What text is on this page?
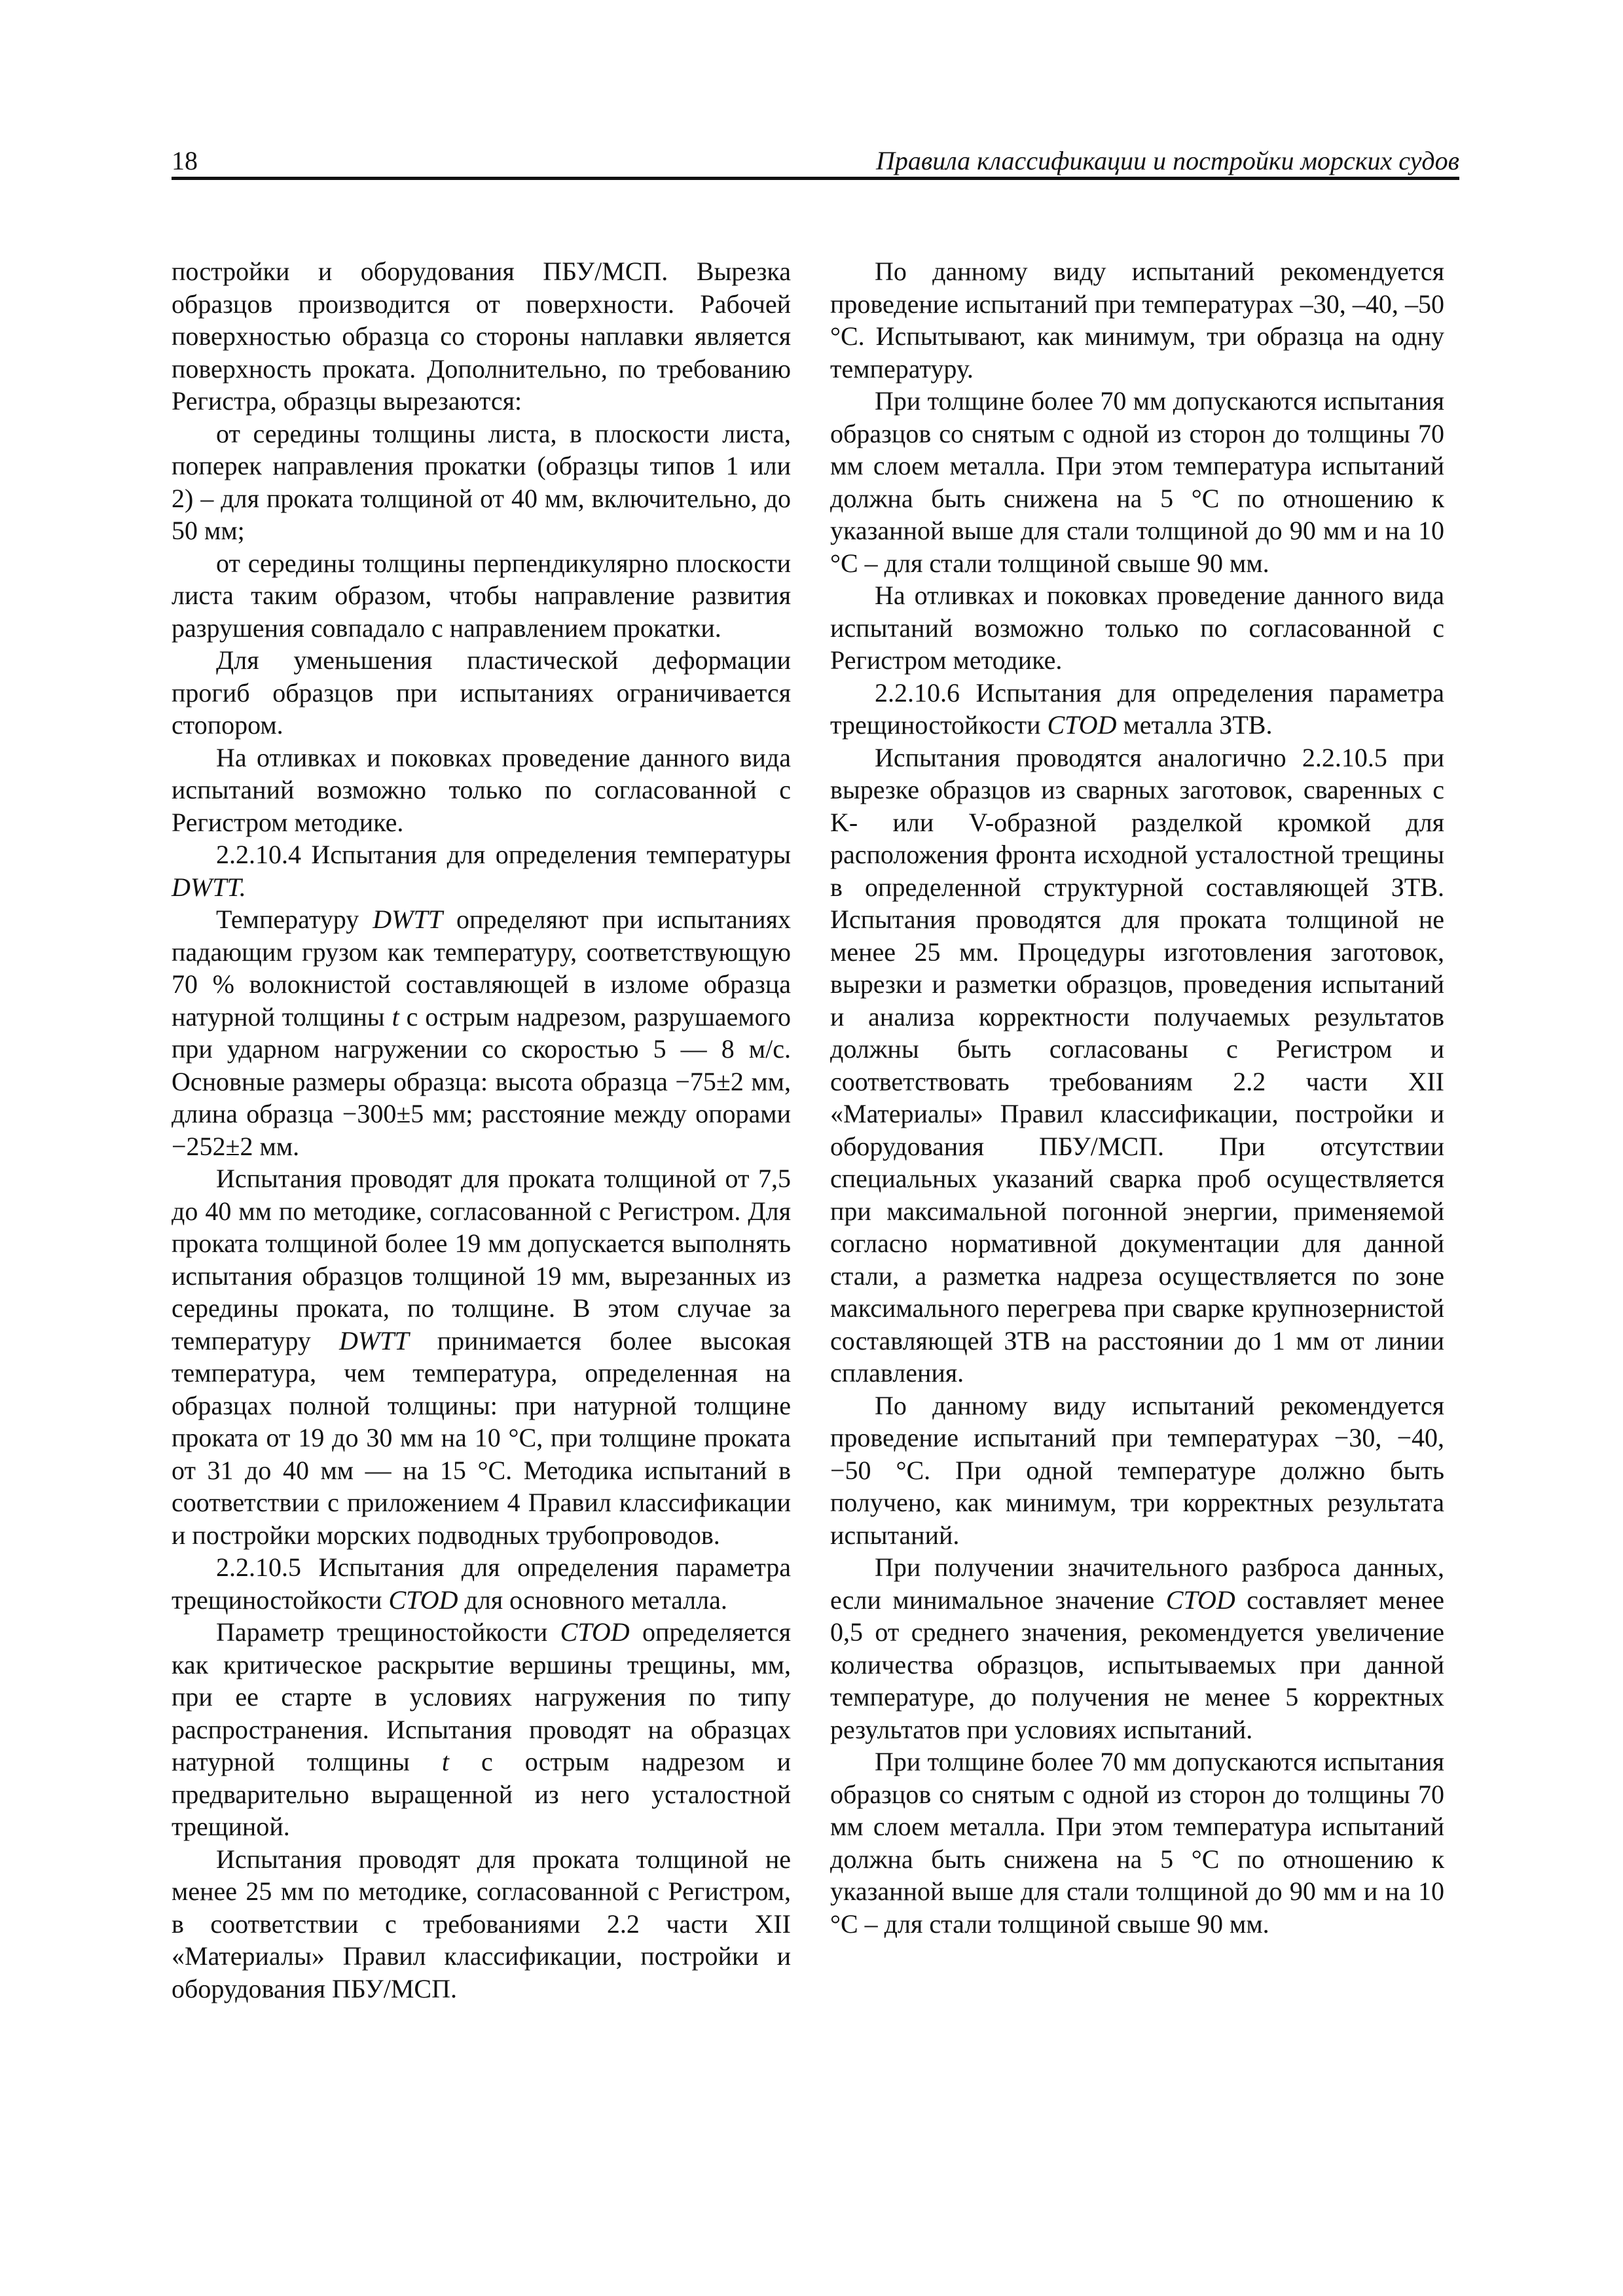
18	Правила классификации и постройки морских судов

постройки и оборудования ПБУ/МСП. Вырезка образцов производится от поверхности. Рабочей поверхностью образца со стороны наплавки является поверхность проката. Дополнительно, по требованию Регистра, образцы вырезаются:

от середины толщины листа, в плоскости листа, поперек направления прокатки (образцы типов 1 или 2) – для проката толщиной от 40 мм, включительно, до 50 мм;

от середины толщины перпендикулярно плоскости листа таким образом, чтобы направление развития разрушения совпадало с направлением прокатки.

Для уменьшения пластической деформации прогиб образцов при испытаниях ограничивается стопором.

На отливках и поковках проведение данного вида испытаний возможно только по согласованной с Регистром методике.

2.2.10.4 Испытания для определения температуры DWTT.

Температуру DWTT определяют при испытаниях падающим грузом как температуру, соответствующую 70 % волокнистой составляющей в изломе образца натурной толщины t с острым надрезом, разрушаемого при ударном нагружении со скоростью 5 — 8 м/с. Основные размеры образца: высота образца −75±2 мм, длина образца −300±5 мм; расстояние между опорами −252±2 мм.

Испытания проводят для проката толщиной от 7,5 до 40 мм по методике, согласованной с Регистром. Для проката толщиной более 19 мм допускается выполнять испытания образцов толщиной 19 мм, вырезанных из середины проката, по толщине. В этом случае за температуру DWTT принимается более высокая температура, чем температура, определенная на образцах полной толщины: при натурной толщине проката от 19 до 30 мм на 10 °С, при толщине проката от 31 до 40 мм — на 15 °С. Методика испытаний в соответствии с приложением 4 Правил классификации и постройки морских подводных трубопроводов.

2.2.10.5 Испытания для определения параметра трещиностойкости CTOD для основного металла.

Параметр трещиностойкости CTOD определяется как критическое раскрытие вершины трещины, мм, при ее старте в условиях нагружения по типу распространения. Испытания проводят на образцах натурной толщины t с острым надрезом и предварительно выращенной из него усталостной трещиной.

Испытания проводят для проката толщиной не менее 25 мм по методике, согласованной с Регистром, в соответствии с требованиями 2.2 части XII «Материалы» Правил классификации, постройки и оборудования ПБУ/МСП.

По данному виду испытаний рекомендуется проведение испытаний при температурах –30, –40, –50 °С. Испытывают, как минимум, три образца на одну температуру.

При толщине более 70 мм допускаются испытания образцов со снятым с одной из сторон до толщины 70 мм слоем металла. При этом температура испытаний должна быть снижена на 5 °С по отношению к указанной выше для стали толщиной до 90 мм и на 10 °С – для стали толщиной свыше 90 мм.

На отливках и поковках проведение данного вида испытаний возможно только по согласованной с Регистром методике.

2.2.10.6 Испытания для определения параметра трещиностойкости CTOD металла ЗТВ.

Испытания проводятся аналогично 2.2.10.5 при вырезке образцов из сварных заготовок, сваренных с K- или V-образной разделкой кромкой для расположения фронта исходной усталостной трещины в определенной структурной составляющей ЗТВ. Испытания проводятся для проката толщиной не менее 25 мм. Процедуры изготовления заготовок, вырезки и разметки образцов, проведения испытаний и анализа корректности получаемых результатов должны быть согласованы с Регистром и соответствовать требованиям 2.2 части XII «Материалы» Правил классификации, постройки и оборудования ПБУ/МСП. При отсутствии специальных указаний сварка проб осуществляется при максимальной погонной энергии, применяемой согласно нормативной документации для данной стали, а разметка надреза осуществляется по зоне максимального перегрева при сварке крупнозернистой составляющей ЗТВ на расстоянии до 1 мм от линии сплавления.

По данному виду испытаний рекомендуется проведение испытаний при температурах −30, −40, −50 °С. При одной температуре должно быть получено, как минимум, три корректных результата испытаний.

При получении значительного разброса данных, если минимальное значение CTOD составляет менее 0,5 от среднего значения, рекомендуется увеличение количества образцов, испытываемых при данной температуре, до получения не менее 5 корректных результатов при условиях испытаний.

При толщине более 70 мм допускаются испытания образцов со снятым с одной из сторон до толщины 70 мм слоем металла. При этом температура испытаний должна быть снижена на 5 °С по отношению к указанной выше для стали толщиной до 90 мм и на 10 °С – для стали толщиной свыше 90 мм.
